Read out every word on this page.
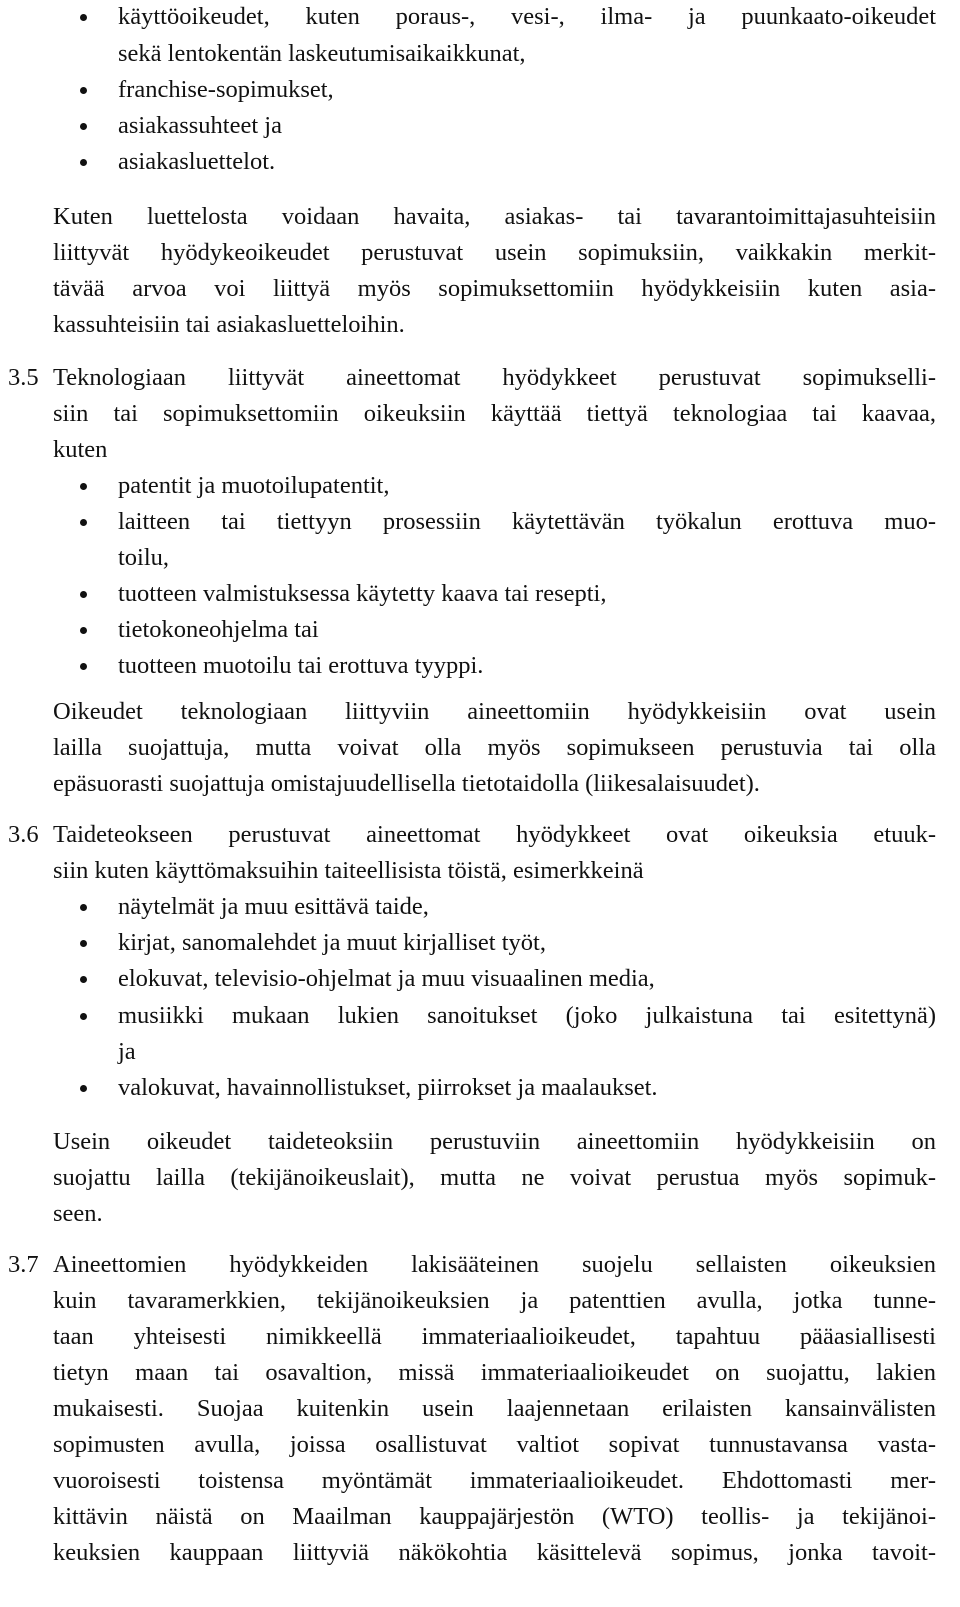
käyttöoikeudet, kuten poraus-, vesi-, ilma- ja puunkaato-oikeudet
sekä lentokentän laskeutumisaikaikkunat,
franchise-sopimukset,
asiakassuhteet ja
asiakasluettelot.
Kuten luettelosta voidaan havaita, asiakas- tai tavarantoimittajasuhteisiin
liittyvät hyödykeoikeudet perustuvat usein sopimuksiin, vaikkakin merkit-
tävää arvoa voi liittyä myös sopimuksettomiin hyödykkeisiin kuten asia-
kassuhteisiin tai asiakasluetteloihin.
3.5 Teknologiaan liittyvät aineettomat hyödykkeet perustuvat sopimukselli-
siin tai sopimuksettomiin oikeuksiin käyttää tiettyä teknologiaa tai kaavaa,
kuten
patentit ja muotoilupatentit,
laitteen tai tiettyyn prosessiin käytettävän työkalun erottuva muo-
toilu,
tuotteen valmistuksessa käytetty kaava tai resepti,
tietokoneohjelma tai
tuotteen muotoilu tai erottuva tyyppi.
Oikeudet teknologiaan liittyviin aineettomiin hyödykkeisiin ovat usein
lailla suojattuja, mutta voivat olla myös sopimukseen perustuvia tai olla
epäsuorasti suojattuja omistajuudellisella tietotaidolla (liikesalaisuudet).
3.6 Taideteokseen perustuvat aineettomat hyödykkeet ovat oikeuksia etuuk-
siin kuten käyttömaksuihin taiteellisista töistä, esimerkkeinä
näytelmät ja muu esittävä taide,
kirjat, sanomalehdet ja muut kirjalliset työt,
elokuvat, televisio-ohjelmat ja muu visuaalinen media,
musiikki mukaan lukien sanoitukset (joko julkaistuna tai esitettynä)
ja
valokuvat, havainnollistukset, piirrokset ja maalaukset.
Usein oikeudet taideteoksiin perustuviin aineettomiin hyödykkeisiin on
suojattu lailla (tekijänoikeuslait), mutta ne voivat perustua myös sopimuk-
seen.
3.7 Aineettomien hyödykkeiden lakisääteinen suojelu sellaisten oikeuksien
kuin tavaramerkkien, tekijänoikeuksien ja patenttien avulla, jotka tunne-
taan yhteisesti nimikkeellä immateriaalioikeudet, tapahtuu pääasiallisesti
tietyn maan tai osavaltion, missä immateriaalioikeudet on suojattu, lakien
mukaisesti. Suojaa kuitenkin usein laajennetaan erilaisten kansainvälisten
sopimusten avulla, joissa osallistuvat valtiot sopivat tunnustavansa vasta-
vuoroisesti toistensa myöntämät immateriaalioikeudet. Ehdottomasti mer-
kittävin näistä on Maailman kauppajärjestön (WTO) teollis- ja tekijänoi-
keuksien kauppaan liittyviä näkökohtia käsittelevä sopimus, jonka tavoit-
